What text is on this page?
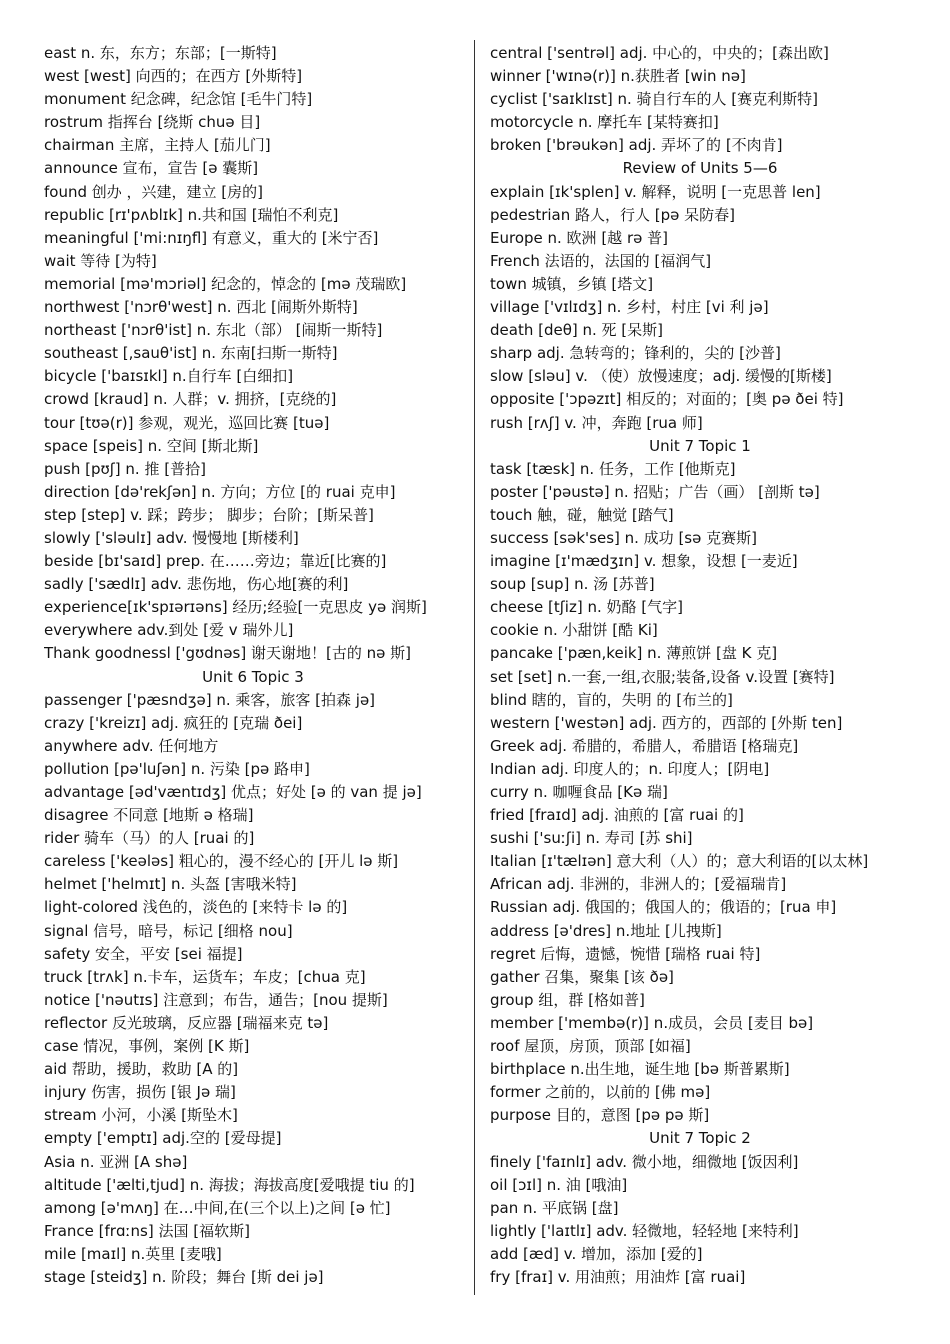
east n. 东，东方；东部；[一斯特]
west [west] 向西的；在西方 [外斯特]
monument 纪念碑，纪念馆 [毛牛门特]
rostrum 指挥台 [绕斯 chuə 目]
chairman 主席，主持人 [茄儿门]
announce 宣布，宣告 [ə 囊斯]
found 创办 ，兴建，建立 [房的]
republic [rɪ'pʌblɪk] n.共和国 [瑞怕不利克]
meaningful ['mi:nɪŋfl] 有意义，重大的 [米宁否]
wait 等待 [为特]
memorial [mə'mɔriəl] 纪念的，悼念的 [mə 茂瑞欧]
northwest ['nɔrθ'west] n. 西北 [闹斯外斯特]
northeast ['nɔrθ'ist] n. 东北（部） [闹斯一斯特]
southeast [,sauθ'ist] n. 东南[扫斯一斯特]
bicycle ['baɪsɪkl] n.自行车 [白细扣]
crowd [kraud] n. 人群；v. 拥挤，[克绕的]
tour [tʊə(r)] 参观，观光，巡回比赛 [tuə]
space [speis] n. 空间 [斯北斯]
push [pʊʃ] n. 推 [普拾]
direction [də'rekʃən] n. 方向；方位 [的 ruai 克申]
step [step] v. 踩；跨步； 脚步；台阶；[斯呆普]
slowly ['sləulɪ] adv. 慢慢地 [斯楼利]
beside [bɪ'saɪd] prep. 在……旁边；靠近[比赛的]
sadly ['sædlɪ] adv. 悲伤地，伤心地[赛的利]
experience[ɪk'spɪərɪəns] 经历;经验[一克思皮 yə 润斯]
everywhere adv.到处 [爱 v 瑞外儿]
Thank goodnessl ['gʊdnəs] 谢天谢地！[古的 nə 斯]
Unit 6 Topic 3
passenger ['pæsndʒə] n. 乘客，旅客 [拍森 jə]
crazy ['kreizɪ] adj. 疯狂的 [克瑞 ðei]
anywhere adv. 任何地方
pollution [pə'luʃən] n. 污染 [pə 路申]
advantage [əd'væntɪdʒ] 优点；好处 [ə 的 van 提 jə]
disagree 不同意 [地斯 ə 格瑞]
rider 骑车（马）的人 [ruai 的]
careless ['keələs] 粗心的，漫不经心的 [开儿 lə 斯]
helmet ['helmɪt] n. 头盔 [害哦米特]
light-colored 浅色的，淡色的 [来特卡 lə 的]
signal 信号，暗号，标记 [细格 nou]
safety 安全，平安 [sei 福提]
truck [trʌk] n.卡车，运货车；车皮；[chua 克]
notice ['nəutɪs] 注意到；布告，通告；[nou 提斯]
reflector 反光玻璃，反应器 [瑞福来克 tə]
case 情况，事例，案例 [K 斯]
aid 帮助，援助，救助 [A 的]
injury 伤害，损伤 [银 Jə 瑞]
stream 小河，小溪 [斯坠木]
empty ['emptɪ] adj.空的 [爱母提]
Asia n. 亚洲 [A shə]
altitude ['ælti,tjud] n. 海拔；海拔高度[爱哦提 tiu 的]
among [ə'mʌŋ] 在…中间,在(三个以上)之间 [ə 忙]
France [frɑːns] 法国 [福软斯]
mile [maɪl] n.英里 [麦哦]
stage [steidʒ] n. 阶段；舞台 [斯 dei jə]
central ['sentrəl] adj. 中心的，中央的；[森出欧]
winner ['wɪnə(r)] n.获胜者 [win nə]
cyclist ['saɪklɪst] n. 骑自行车的人 [赛克利斯特]
motorcycle n. 摩托车 [某特赛扣]
broken ['brəukən] adj. 弄坏了的 [不肉肯]
Review of Units 5—6
explain [ɪk'splen] v. 解释，说明 [一克思普 len]
pedestrian 路人，行人 [pə 呆防春]
Europe n. 欧洲 [越 rə 普]
French 法语的，法国的 [福润气]
town 城镇，乡镇 [塔文]
village ['vɪlɪdʒ] n. 乡村，村庄 [vi 利 jə]
death [deθ] n. 死 [呆斯]
sharp adj. 急转弯的；锋利的，尖的 [沙普]
slow [sləu] v. （使）放慢速度；adj. 缓慢的[斯楼]
opposite ['ɔpəzɪt] 相反的；对面的；[奥 pə ðei 特]
rush [rʌʃ] v. 冲，奔跑 [rua 师]
Unit 7 Topic 1
task [tæsk] n. 任务，工作 [他斯克]
poster ['pəustə] n. 招贴；广告（画） [剖斯 tə]
touch 触，碰，触觉 [踏气]
success [sək'ses] n. 成功 [sə 克赛斯]
imagine [ɪ'mædʒɪn] v. 想象，设想 [一麦近]
soup [sup] n. 汤 [苏普]
cheese [tʃiz] n. 奶酪 [气字]
cookie n. 小甜饼 [酷 Ki]
pancake ['pæn,keik] n. 薄煎饼 [盘 K 克]
set [set] n.一套,一组,衣服;装备,设备 v.设置 [赛特]
blind 瞎的，盲的，失明 的 [布兰的]
western ['westən] adj. 西方的，西部的 [外斯 ten]
Greek adj. 希腊的，希腊人，希腊语 [格瑞克]
Indian adj. 印度人的；n. 印度人；[阴电]
curry n. 咖喱食品 [Kə 瑞]
fried [fraɪd] adj. 油煎的 [富 ruai 的]
sushi ['suːʃi] n. 寿司 [苏 shi]
Italian [ɪ'tælɪən] 意大利（人）的；意大利语的[以太林]
African adj. 非洲的，非洲人的；[爱福瑞肯]
Russian adj. 俄国的；俄国人的；俄语的；[rua 申]
address [ə'dres] n.地址 [儿拽斯]
regret 后悔，遗憾，惋惜 [瑞格 ruai 特]
gather 召集，聚集 [该 ðə]
group 组，群 [格如普]
member ['membə(r)] n.成员，会员 [麦目 bə]
roof 屋顶，房顶，顶部 [如福]
birthplace n.出生地，诞生地 [bə 斯普累斯]
former 之前的，以前的 [佛 mə]
purpose 目的，意图 [pə pə 斯]
Unit 7 Topic 2
finely ['faɪnlɪ] adv. 微小地，细微地 [饭因利]
oil [ɔɪl] n. 油 [哦油]
pan n. 平底锅 [盘]
lightly ['laɪtlɪ] adv. 轻微地，轻轻地 [来特利]
add [æd] v. 增加，添加 [爱的]
fry [fraɪ] v. 用油煎；用油炸 [富 ruai]
